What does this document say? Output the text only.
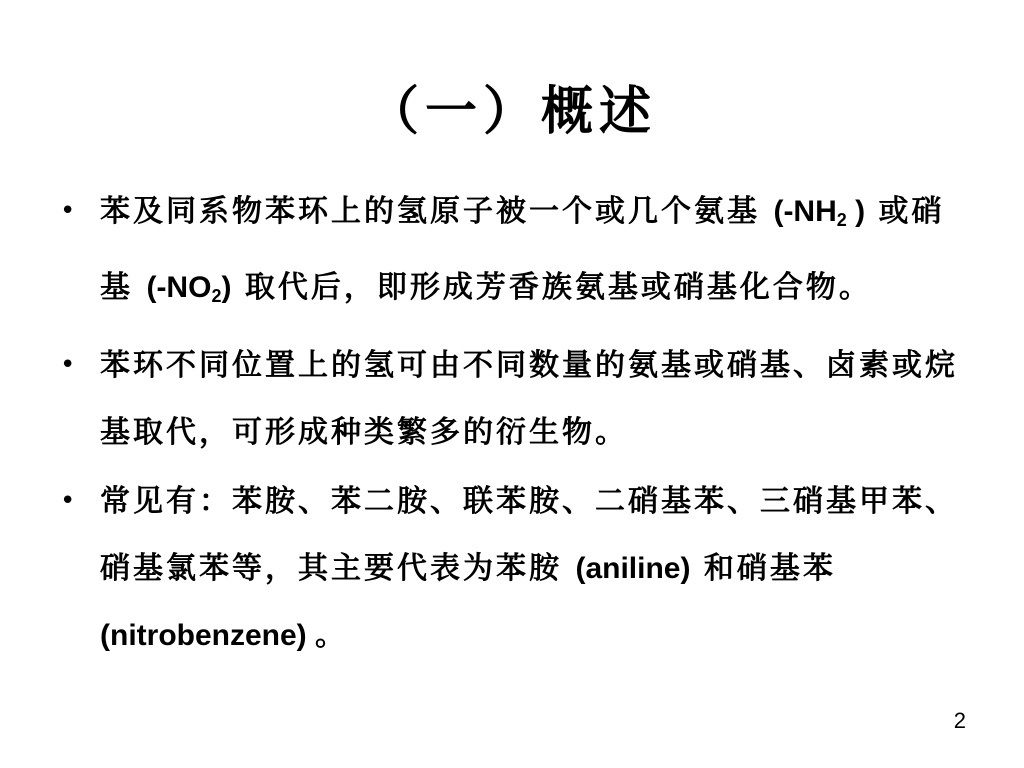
（一）概述
• 苯及同系物苯环上的氢原子被一个或几个氨基 ($-NH_2$ ) 或硝基 $(-NO_2)$ 取代后，即形成芳香族氨基或硝基化合物。
• 苯环不同位置上的氢可由不同数量的氨基或硝基、卤素或烷基取代，可形成种类繁多的衍生物。
• 常见有：苯胺、苯二胺、联苯胺、二硝基苯、三硝基甲苯、硝基氯苯等，其主要代表为苯胺 (aniline) 和硝基苯 (nitrobenzene) 。
2
